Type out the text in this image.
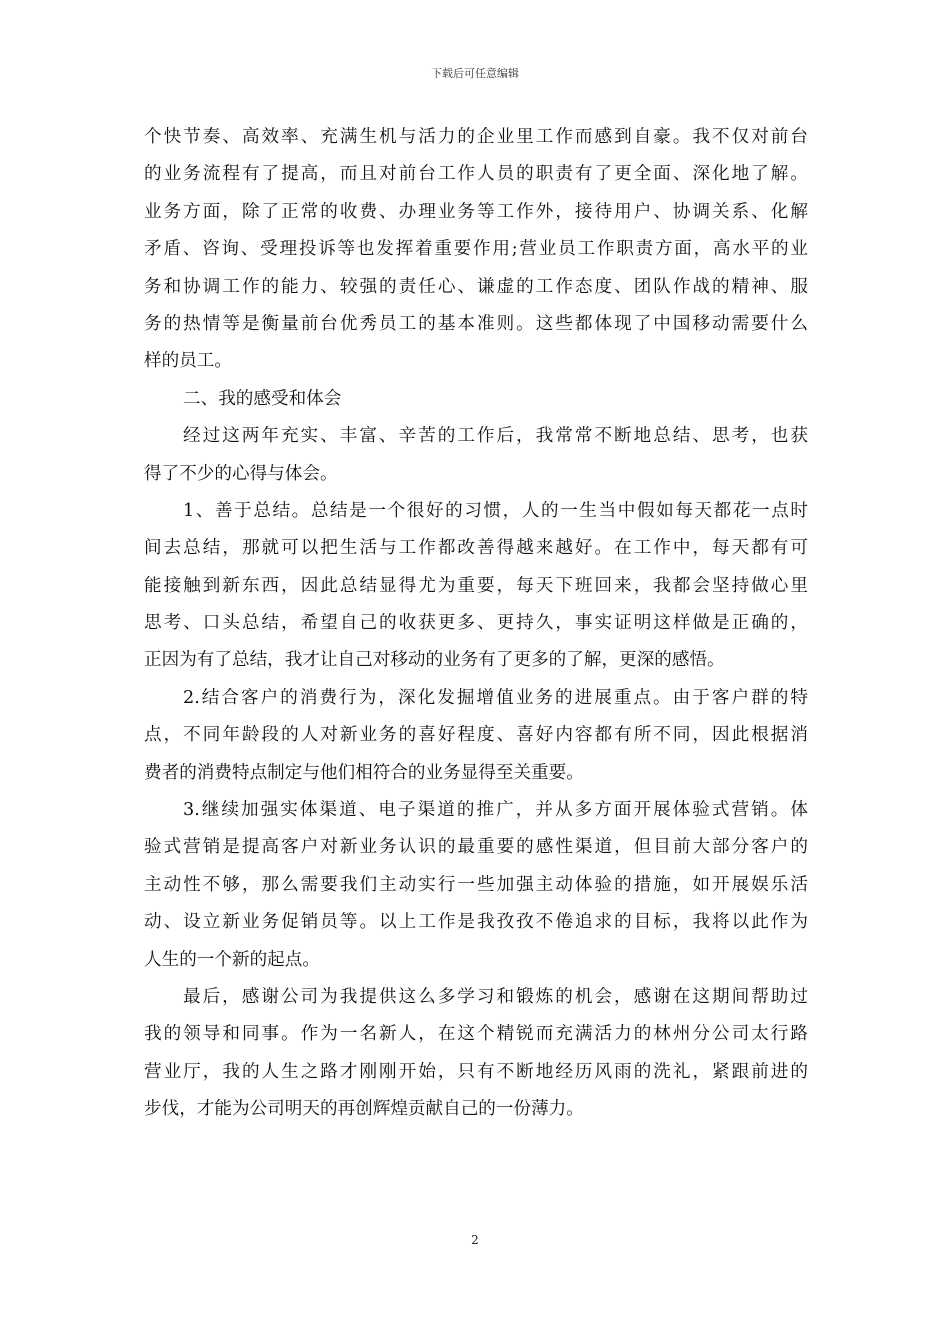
下载后可任意编辑
个快节奏、高效率、充满生机与活力的企业里工作而感到自豪。我不仅对前台
的业务流程有了提高，而且对前台工作人员的职责有了更全面、深化地了解。
业务方面，除了正常的收费、办理业务等工作外，接待用户、协调关系、化解
矛盾、咨询、受理投诉等也发挥着重要作用;营业员工作职责方面，高水平的业
务和协调工作的能力、较强的责任心、谦虚的工作态度、团队作战的精神、服
务的热情等是衡量前台优秀员工的基本准则。这些都体现了中国移动需要什么
样的员工。
二、我的感受和体会
经过这两年充实、丰富、辛苦的工作后，我常常不断地总结、思考，也获
得了不少的心得与体会。
1、善于总结。总结是一个很好的习惯，人的一生当中假如每天都花一点时
间去总结，那就可以把生活与工作都改善得越来越好。在工作中，每天都有可
能接触到新东西，因此总结显得尤为重要，每天下班回来，我都会坚持做心里
思考、口头总结，希望自己的收获更多、更持久，事实证明这样做是正确的，
正因为有了总结，我才让自己对移动的业务有了更多的了解，更深的感悟。
2.结合客户的消费行为，深化发掘增值业务的进展重点。由于客户群的特
点，不同年龄段的人对新业务的喜好程度、喜好内容都有所不同，因此根据消
费者的消费特点制定与他们相符合的业务显得至关重要。
3.继续加强实体渠道、电子渠道的推广，并从多方面开展体验式营销。体
验式营销是提高客户对新业务认识的最重要的感性渠道，但目前大部分客户的
主动性不够，那么需要我们主动实行一些加强主动体验的措施，如开展娱乐活
动、设立新业务促销员等。以上工作是我孜孜不倦追求的目标，我将以此作为
人生的一个新的起点。
最后，感谢公司为我提供这么多学习和锻炼的机会，感谢在这期间帮助过
我的领导和同事。作为一名新人，在这个精锐而充满活力的林州分公司太行路
营业厅，我的人生之路才刚刚开始，只有不断地经历风雨的洗礼，紧跟前进的
步伐，才能为公司明天的再创辉煌贡献自己的一份薄力。
2
